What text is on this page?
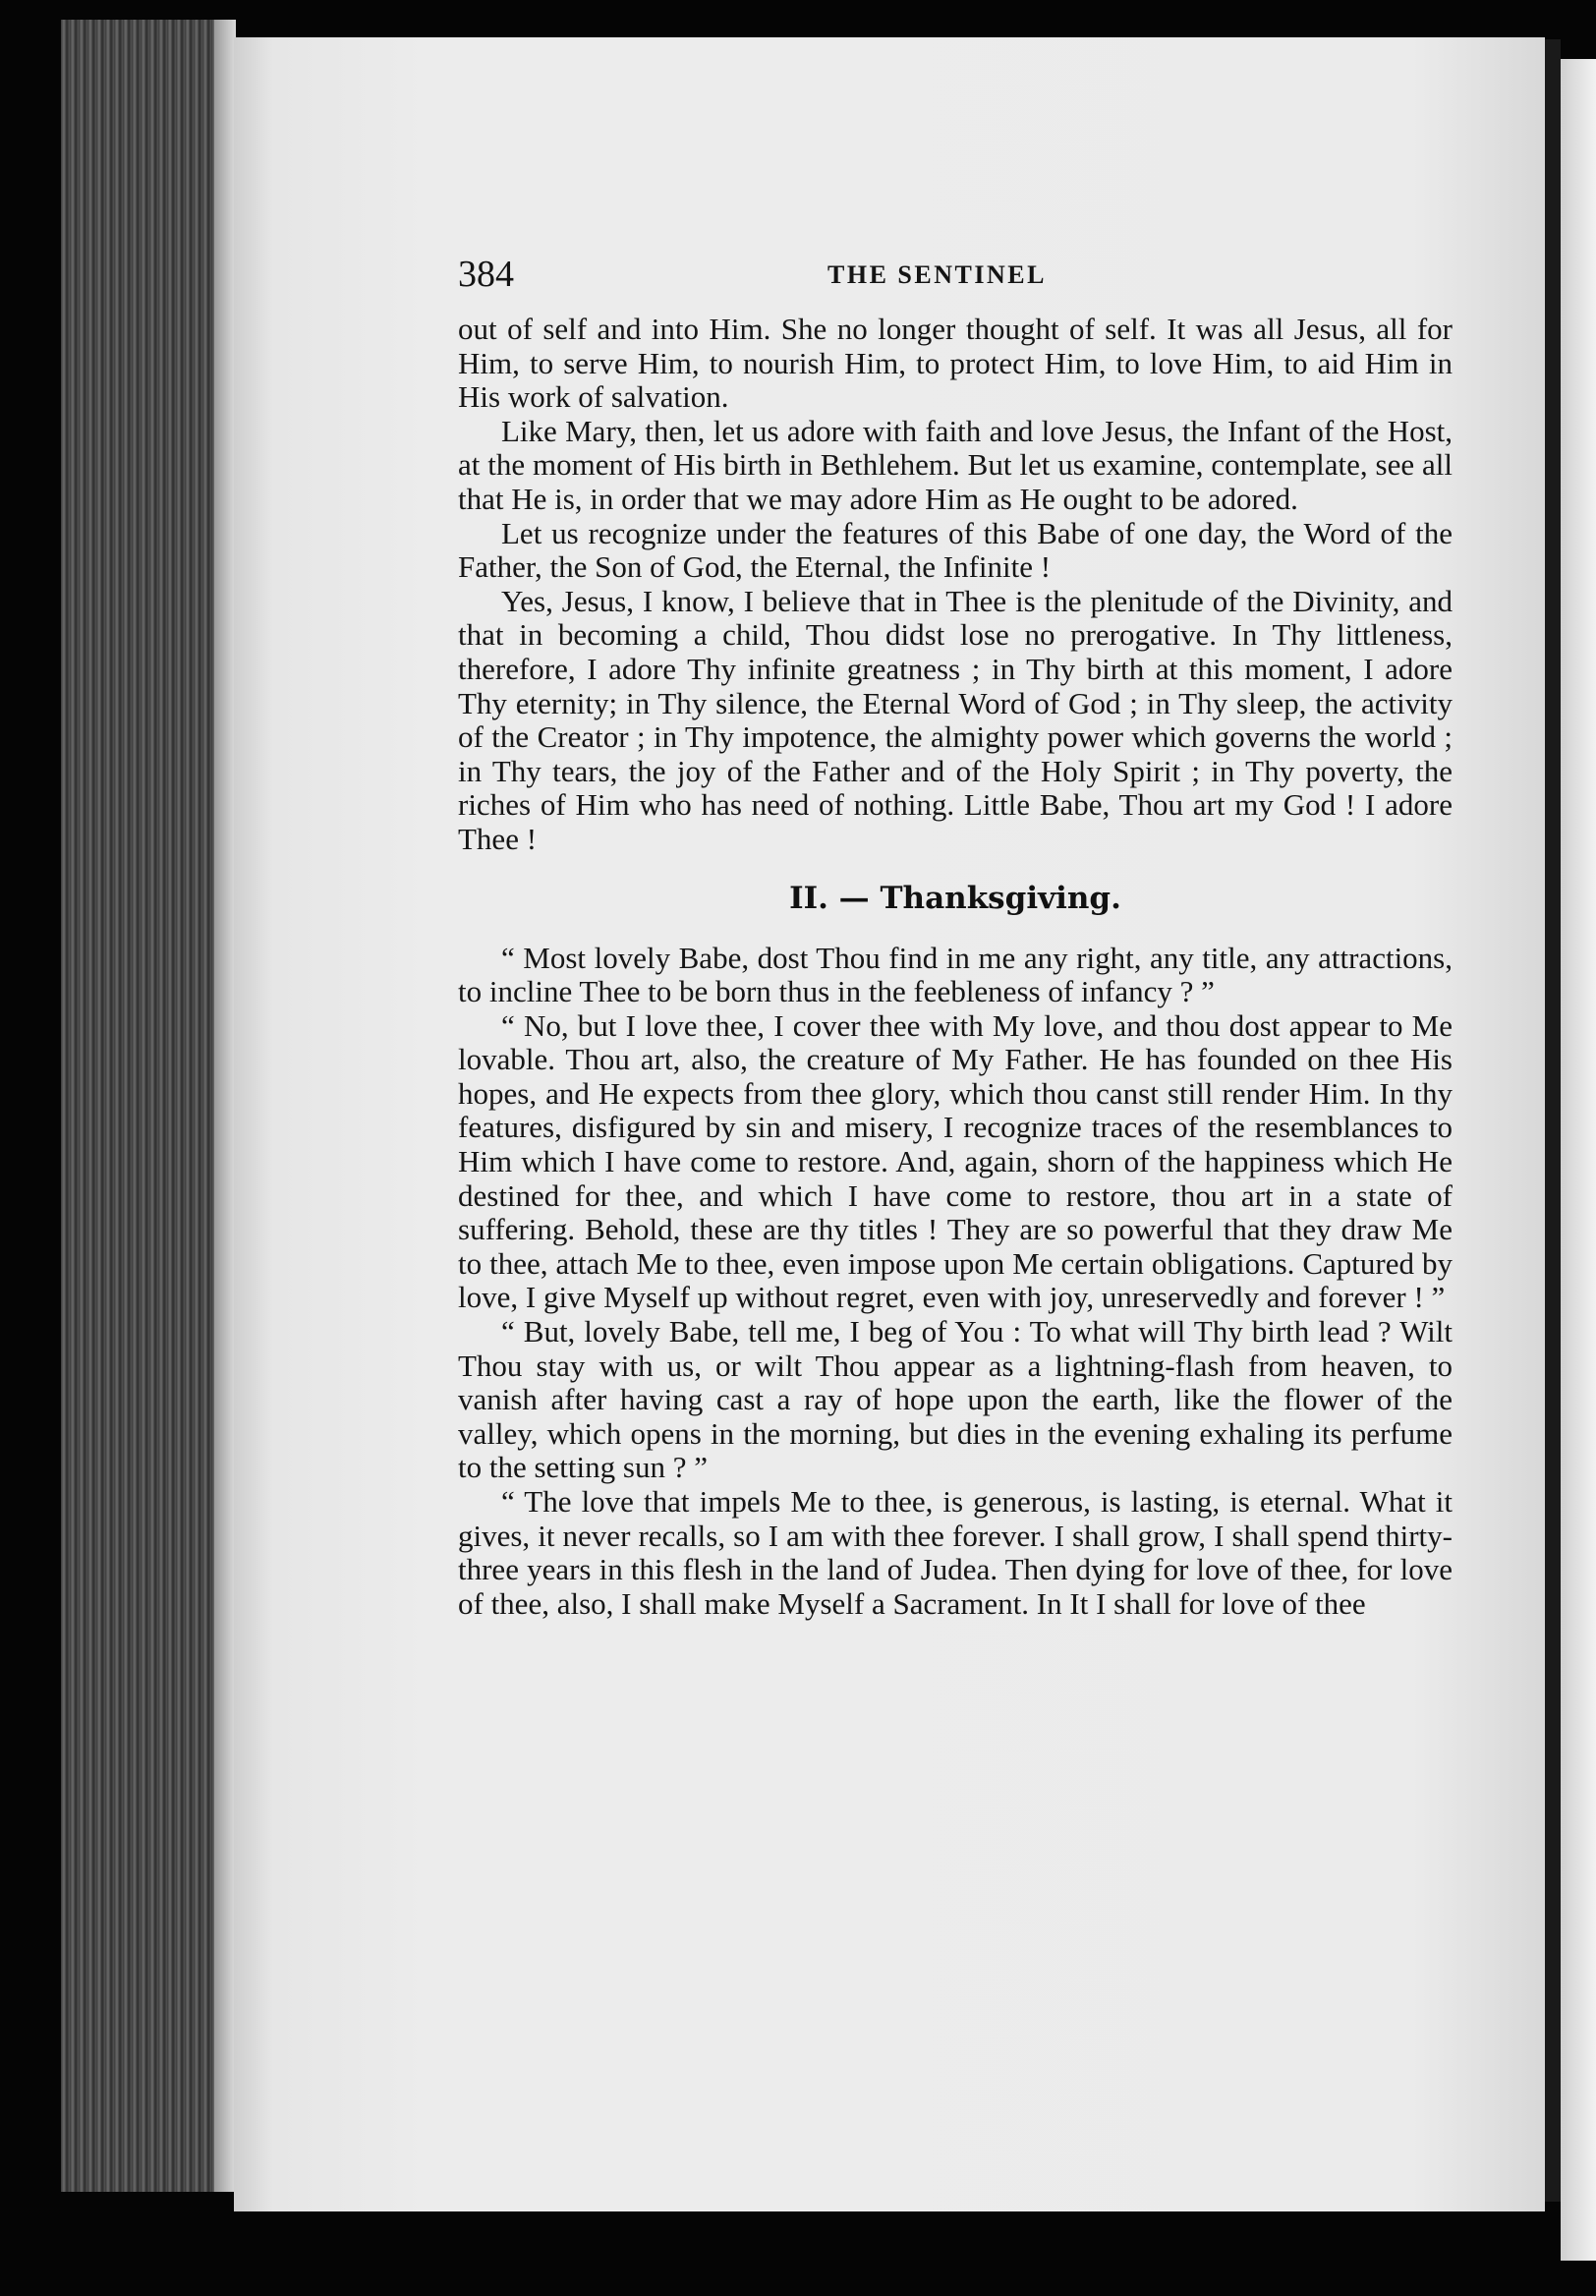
384	THE SENTINEL

out of self and into Him. She no longer thought of self. It was all Jesus, all for Him, to serve Him, to nourish Him, to protect Him, to love Him, to aid Him in His work of salvation.

Like Mary, then, let us adore with faith and love Jesus, the Infant of the Host, at the moment of His birth in Bethlehem. But let us examine, contemplate, see all that He is, in order that we may adore Him as He ought to be adored.

Let us recognize under the features of this Babe of one day, the Word of the Father, the Son of God, the Eternal, the Infinite !

Yes, Jesus, I know, I believe that in Thee is the plenitude of the Divinity, and that in becoming a child, Thou didst lose no prerogative. In Thy littleness, therefore, I adore Thy infinite greatness ; in Thy birth at this moment, I adore Thy eternity; in Thy silence, the Eternal Word of God ; in Thy sleep, the activity of the Creator ; in Thy impotence, the almighty power which governs the world ; in Thy tears, the joy of the Father and of the Holy Spirit ; in Thy poverty, the riches of Him who has need of nothing. Little Babe, Thou art my God ! I adore Thee !

II. — Thanksgiving.

“ Most lovely Babe, dost Thou find in me any right, any title, any attractions, to incline Thee to be born thus in the feebleness of infancy ? ”

“ No, but I love thee, I cover thee with My love, and thou dost appear to Me lovable. Thou art, also, the creature of My Father. He has founded on thee His hopes, and He expects from thee glory, which thou canst still render Him. In thy features, disfigured by sin and misery, I recognize traces of the resemblances to Him which I have come to restore. And, again, shorn of the happiness which He destined for thee, and which I have come to restore, thou art in a state of suffering. Behold, these are thy titles ! They are so powerful that they draw Me to thee, attach Me to thee, even impose upon Me certain obligations. Captured by love, I give Myself up without regret, even with joy, unreservedly and forever ! ”

“ But, lovely Babe, tell me, I beg of You : To what will Thy birth lead ? Wilt Thou stay with us, or wilt Thou appear as a lightning-flash from heaven, to vanish after having cast a ray of hope upon the earth, like the flower of the valley, which opens in the morning, but dies in the evening exhaling its perfume to the setting sun ? ”

“ The love that impels Me to thee, is generous, is lasting, is eternal. What it gives, it never recalls, so I am with thee forever. I shall grow, I shall spend thirty-three years in this flesh in the land of Judea. Then dying for love of thee, for love of thee, also, I shall make Myself a Sacrament. In It I shall for love of thee
